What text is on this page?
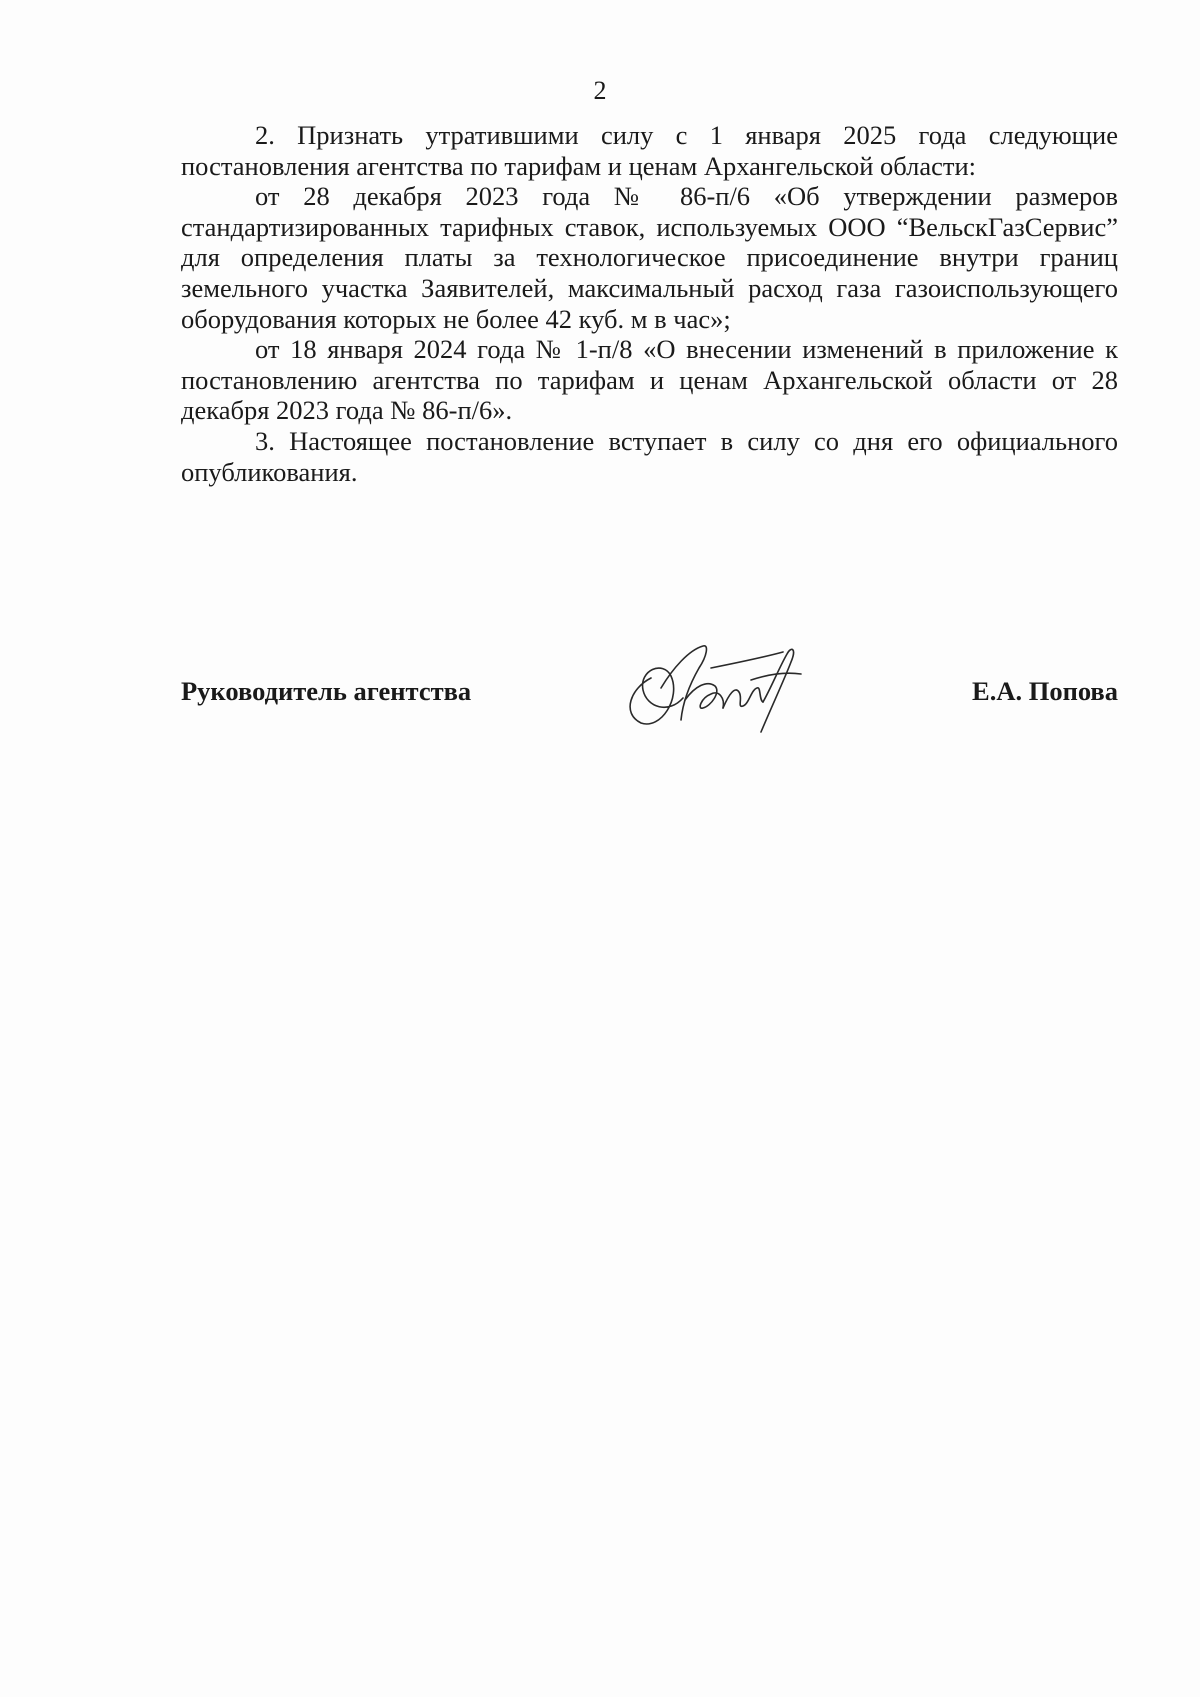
2

2. Признать утратившими силу с 1 января 2025 года следующие постановления агентства по тарифам и ценам Архангельской области:

от 28 декабря 2023 года № 86-п/6 «Об утверждении размеров стандартизированных тарифных ставок, используемых ООО “ВельскГазСервис” для определения платы за технологическое присоединение внутри границ земельного участка Заявителей, максимальный расход газа газоиспользующего оборудования которых не более 42 куб. м в час»;

от 18 января 2024 года № 1-п/8 «О внесении изменений в приложение к постановлению агентства по тарифам и ценам Архангельской области от 28 декабря 2023 года № 86-п/6».

3. Настоящее постановление вступает в силу со дня его официального опубликования.

Руководитель агентства	Е.А. Попова
